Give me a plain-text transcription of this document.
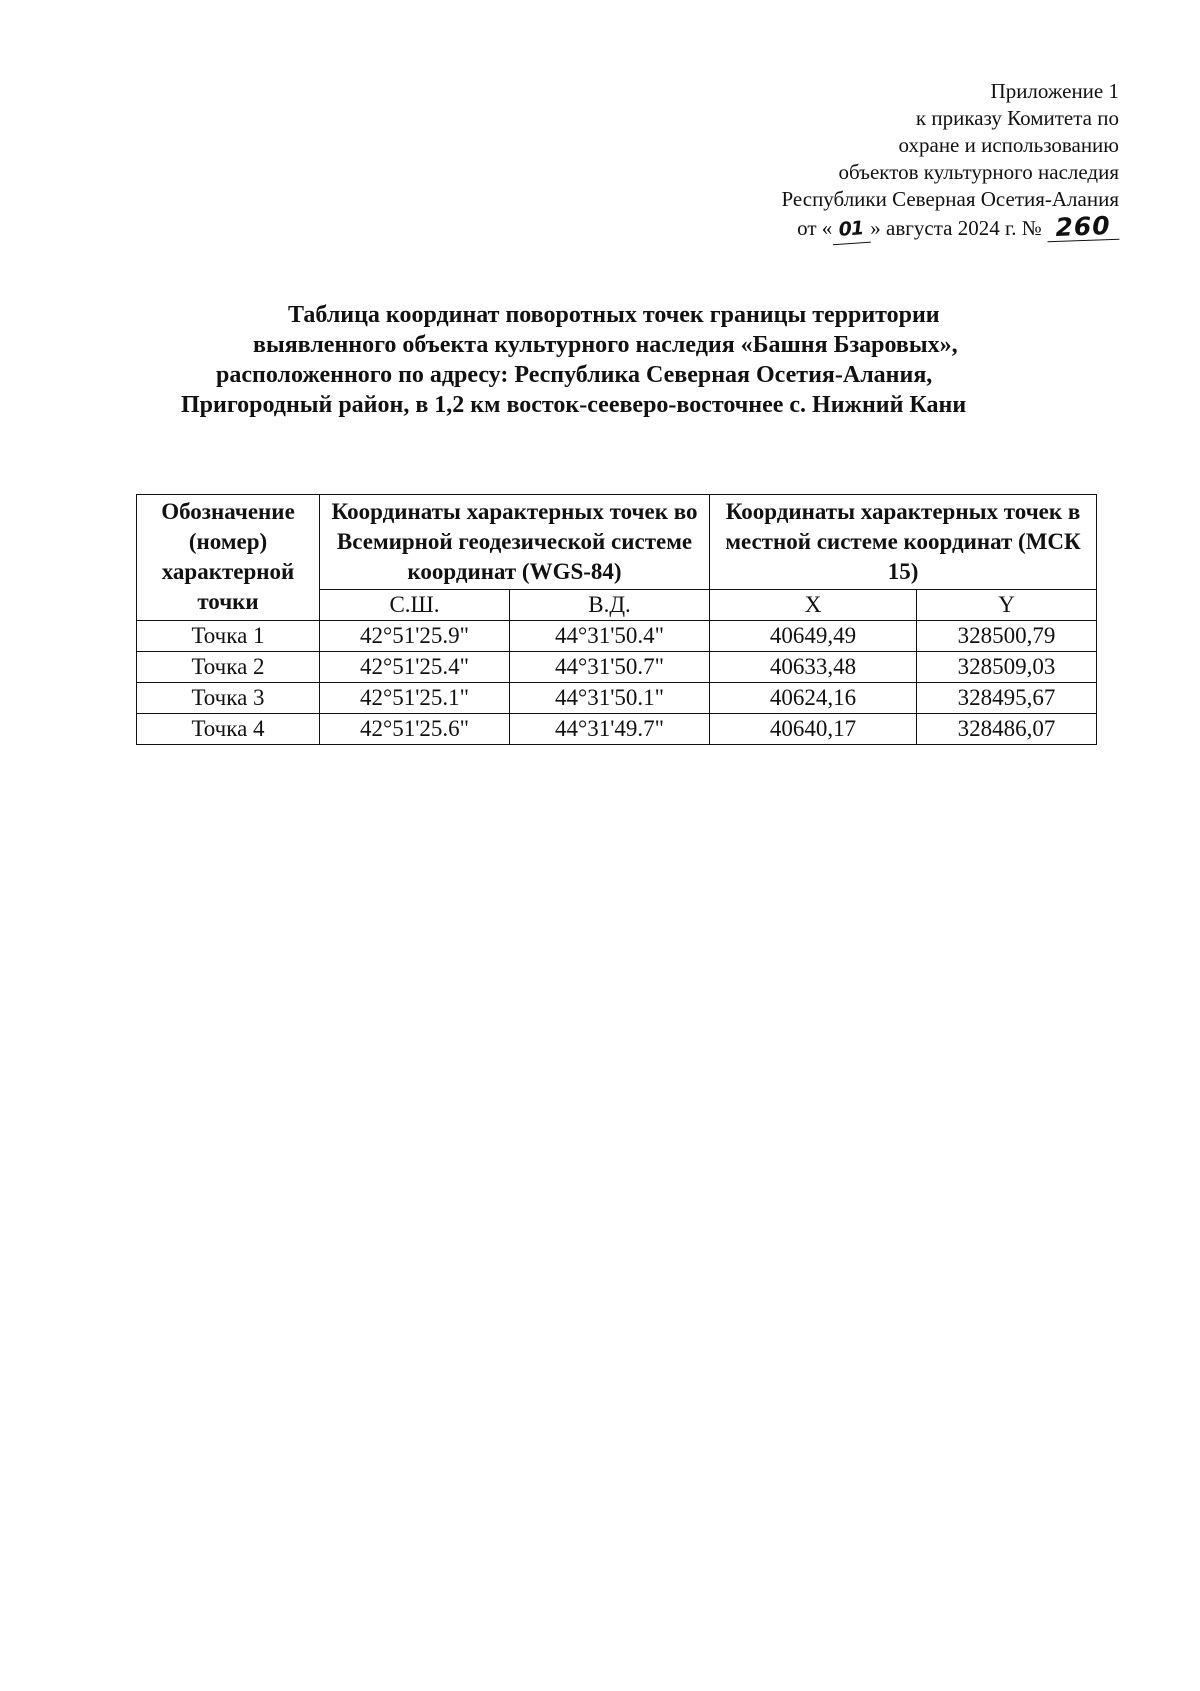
Приложение 1
к приказу Комитета по
охране и использованию
объектов культурного наследия
Республики Северная Осетия-Алания
от « 01 » августа 2024 г. № 260
Таблица координат поворотных точек границы территории
выявленного объекта культурного наследия «Башня Бзаровых»,
расположенного по адресу: Республика Северная Осетия-Алания,
Пригородный район, в 1,2 км восток-сееверо-восточнее с. Нижний Кани
Обозначение (номер) характерной точки	Координаты характерных точек во Всемирной геодезической системе координат (WGS-84)		Координаты характерных точек в местной системе координат (МСК 15)	
	С.Ш.	В.Д.	X	Y
Точка 1	42°51'25.9"	44°31'50.4"	40649,49	328500,79
Точка 2	42°51'25.4"	44°31'50.7"	40633,48	328509,03
Точка 3	42°51'25.1"	44°31'50.1"	40624,16	328495,67
Точка 4	42°51'25.6"	44°31'49.7"	40640,17	328486,07
